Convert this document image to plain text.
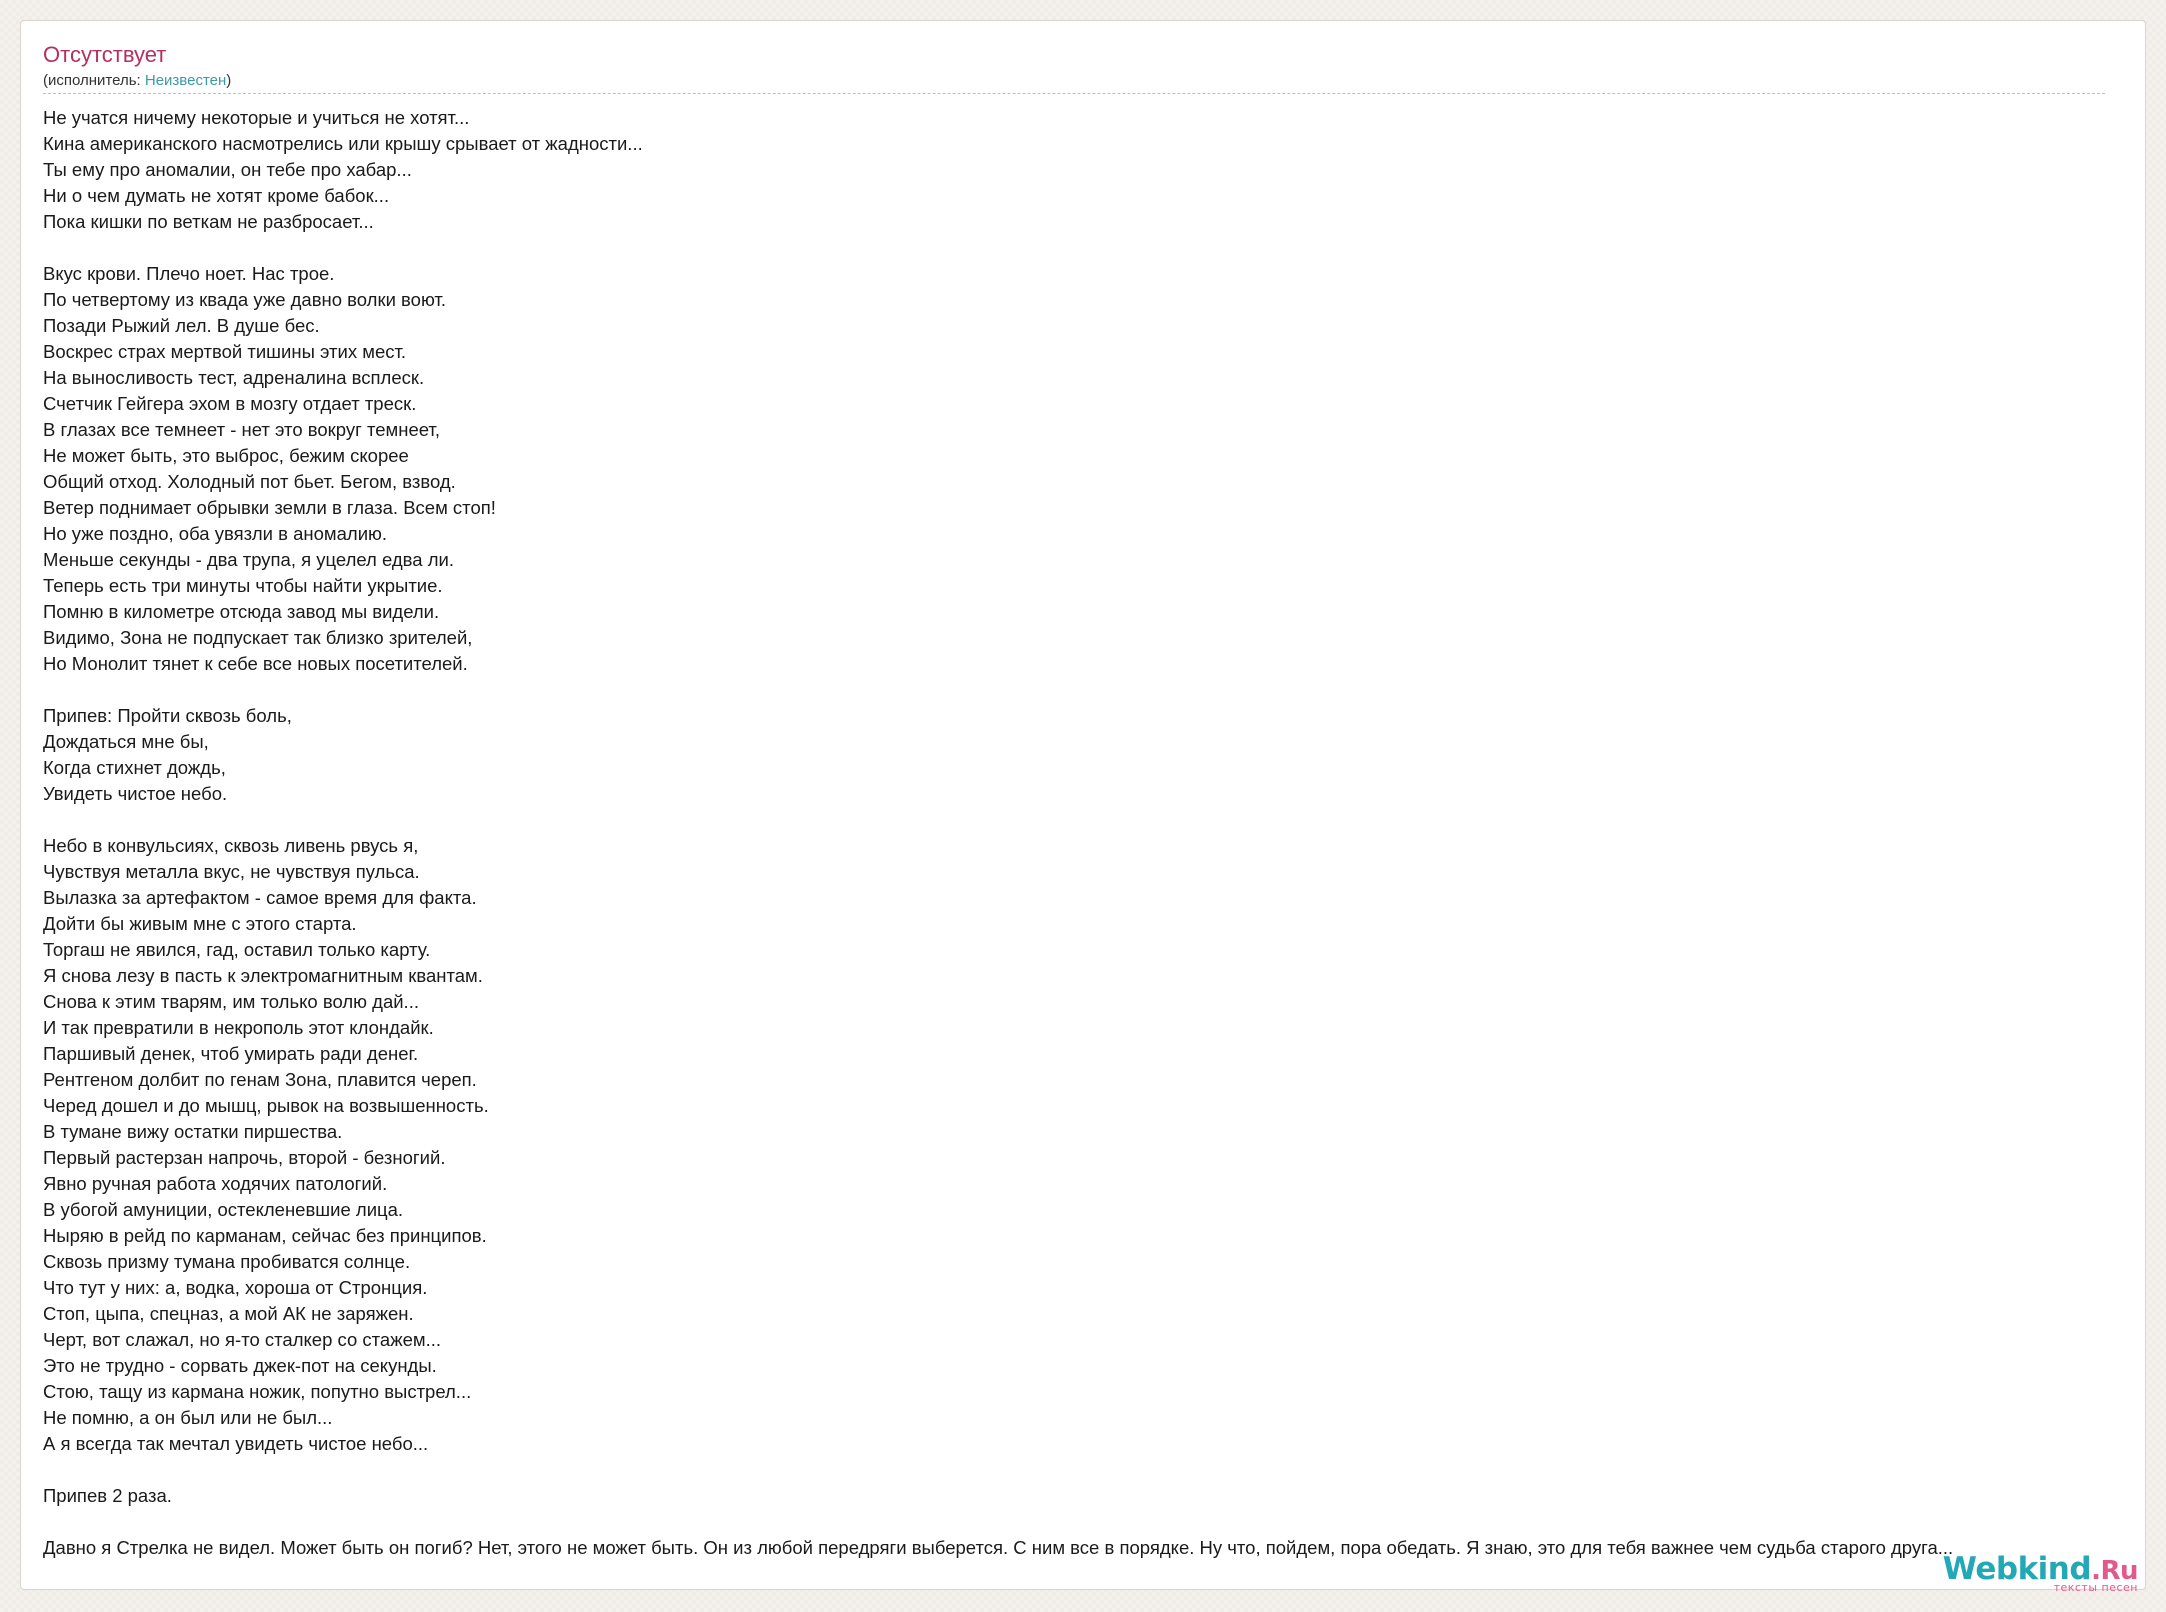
Отсутствует
(исполнитель: Неизвестен)
Не учатся ничему некоторые и учиться не хотят...
Кина американского насмотрелись или крышу срывает от жадности...
Ты ему про аномалии, он тебе про хабар...
Ни о чем думать не хотят кроме бабок...
Пока кишки по веткам не разбросает...
Вкус крови. Плечо ноет. Нас трое.
По четвертому из квада уже давно волки воют.
Позади Рыжий лел. В душе бес.
Воскрес страх мертвой тишины этих мест.
На выносливость тест, адреналина всплеск.
Счетчик Гейгера эхом в мозгу отдает треск.
В глазах все темнеет - нет это вокруг темнеет,
Не может быть, это выброс, бежим скорее
Общий отход. Холодный пот бьет. Бегом, взвод.
Ветер поднимает обрывки земли в глаза. Всем стоп!
Но уже поздно, оба увязли в аномалию.
Меньше секунды - два трупа, я уцелел едва ли.
Теперь есть три минуты чтобы найти укрытие.
Помню в километре отсюда завод мы видели.
Видимо, Зона не подпускает так близко зрителей,
Но Монолит тянет к себе все новых посетителей.
Припев: Пройти сквозь боль,
Дождаться мне бы,
Когда стихнет дождь,
Увидеть чистое небо.
Небо в конвульсиях, сквозь ливень рвусь я,
Чувствуя металла вкус, не чувствуя пульса.
Вылазка за артефактом - самое время для факта.
Дойти бы живым мне с этого старта.
Торгаш не явился, гад, оставил только карту.
Я снова лезу в пасть к электромагнитным квантам.
Снова к этим тварям, им только волю дай...
И так превратили в некрополь этот клондайк.
Паршивый денек, чтоб умирать ради денег.
Рентгеном долбит по генам Зона, плавится череп.
Черед дошел и до мышц, рывок на возвышенность.
В тумане вижу остатки пиршества.
Первый растерзан напрочь, второй - безногий.
Явно ручная работа ходячих патологий.
В убогой амуниции, остекленевшие лица.
Ныряю в рейд по карманам, сейчас без принципов.
Сквозь призму тумана пробиватся солнце.
Что тут у них: а, водка, хороша от Стронция.
Стоп, цыпа, спецназ, а мой АК не заряжен.
Черт, вот слажал, но я-то сталкер со стажем...
Это не трудно - сорвать джек-пот на секунды.
Стою, тащу из кармана ножик, попутно выстрел...
Не помню, а он был или не был...
А я всегда так мечтал увидеть чистое небо...
Припев 2 раза.
Давно я Стрелка не видел. Может быть он погиб? Нет, этого не может быть. Он из любой передряги выберется. С ним все в порядке. Ну что, пойдем, пора обедать. Я знаю, это для тебя важнее чем судьба старого друга...
Webkind.Ru
тексты песен
